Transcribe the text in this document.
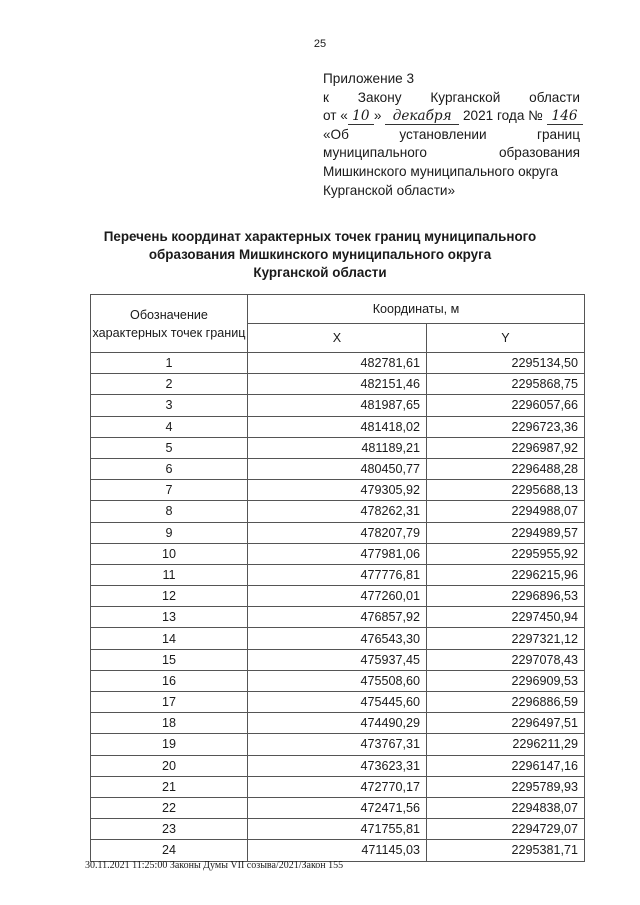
25
Приложение 3
к Закону Курганской области
от « 10 » декабря 2021 года № 146
«Об	установлении	границ
муниципального	образования
Мишкинского муниципального округа
Курганской области»
Перечень координат характерных точек границ муниципального
образования Мишкинского муниципального округа
Курганской области
Обозначение характерных точек границ	Координаты, м	
	X	Y
1	482781,61	2295134,50
2	482151,46	2295868,75
3	481987,65	2296057,66
4	481418,02	2296723,36
5	481189,21	2296987,92
6	480450,77	2296488,28
7	479305,92	2295688,13
8	478262,31	2294988,07
9	478207,79	2294989,57
10	477981,06	2295955,92
11	477776,81	2296215,96
12	477260,01	2296896,53
13	476857,92	2297450,94
14	476543,30	2297321,12
15	475937,45	2297078,43
16	475508,60	2296909,53
17	475445,60	2296886,59
18	474490,29	2296497,51
19	473767,31	2296211,29
20	473623,31	2296147,16
21	472770,17	2295789,93
22	472471,56	2294838,07
23	471755,81	2294729,07
24	471145,03	2295381,71
30.11.2021 11:25:00 Законы Думы VII созыва/2021/Закон 155
